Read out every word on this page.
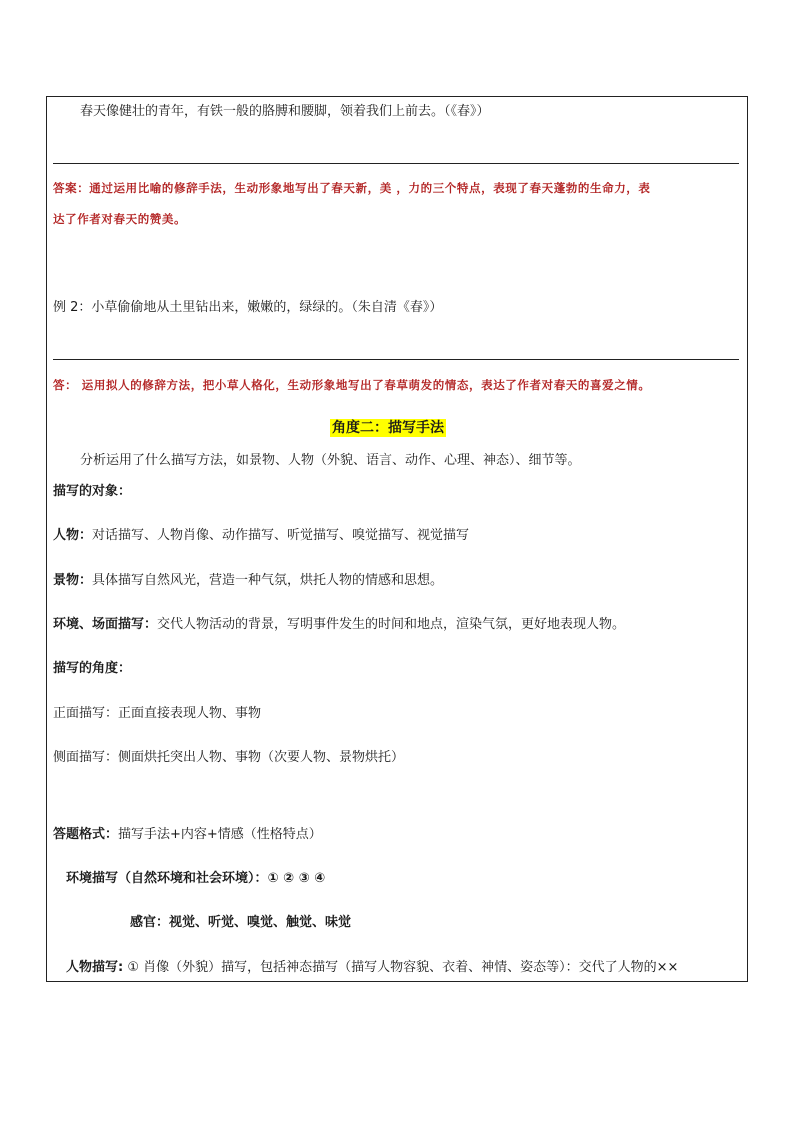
春天像健壮的青年，有铁一般的胳膊和腰脚，领着我们上前去。（《春》）
答案：通过运用比喻的修辞手法，生动形象地写出了春天新，美 ，力的三个特点，表现了春天蓬勃的生命力，表
达了作者对春天的赞美。
例 2：小草偷偷地从土里钻出来，嫩嫩的，绿绿的。（朱自清《春》）
答： 运用拟人的修辞方法，把小草人格化，生动形象地写出了春草萌发的情态，表达了作者对春天的喜爱之情。
角度二：描写手法
分析运用了什么描写方法，如景物、人物（外貌、语言、动作、心理、神态）、细节等。
描写的对象：
人物：对话描写、人物肖像、动作描写、听觉描写、嗅觉描写、视觉描写
景物：具体描写自然风光，营造一种气氛，烘托人物的情感和思想。
环境、场面描写：交代人物活动的背景，写明事件发生的时间和地点，渲染气氛，更好地表现人物。
描写的角度：
正面描写：正面直接表现人物、事物
侧面描写：侧面烘托突出人物、事物（次要人物、景物烘托）
答题格式：描写手法+内容+情感（性格特点）
环境描写（自然环境和社会环境）：① ② ③ ④
感官：视觉、听觉、嗅觉、触觉、味觉
人物描写: ① 肖像（外貌）描写，包括神态描写（描写人物容貌、衣着、神情、姿态等）：交代了人物的××
